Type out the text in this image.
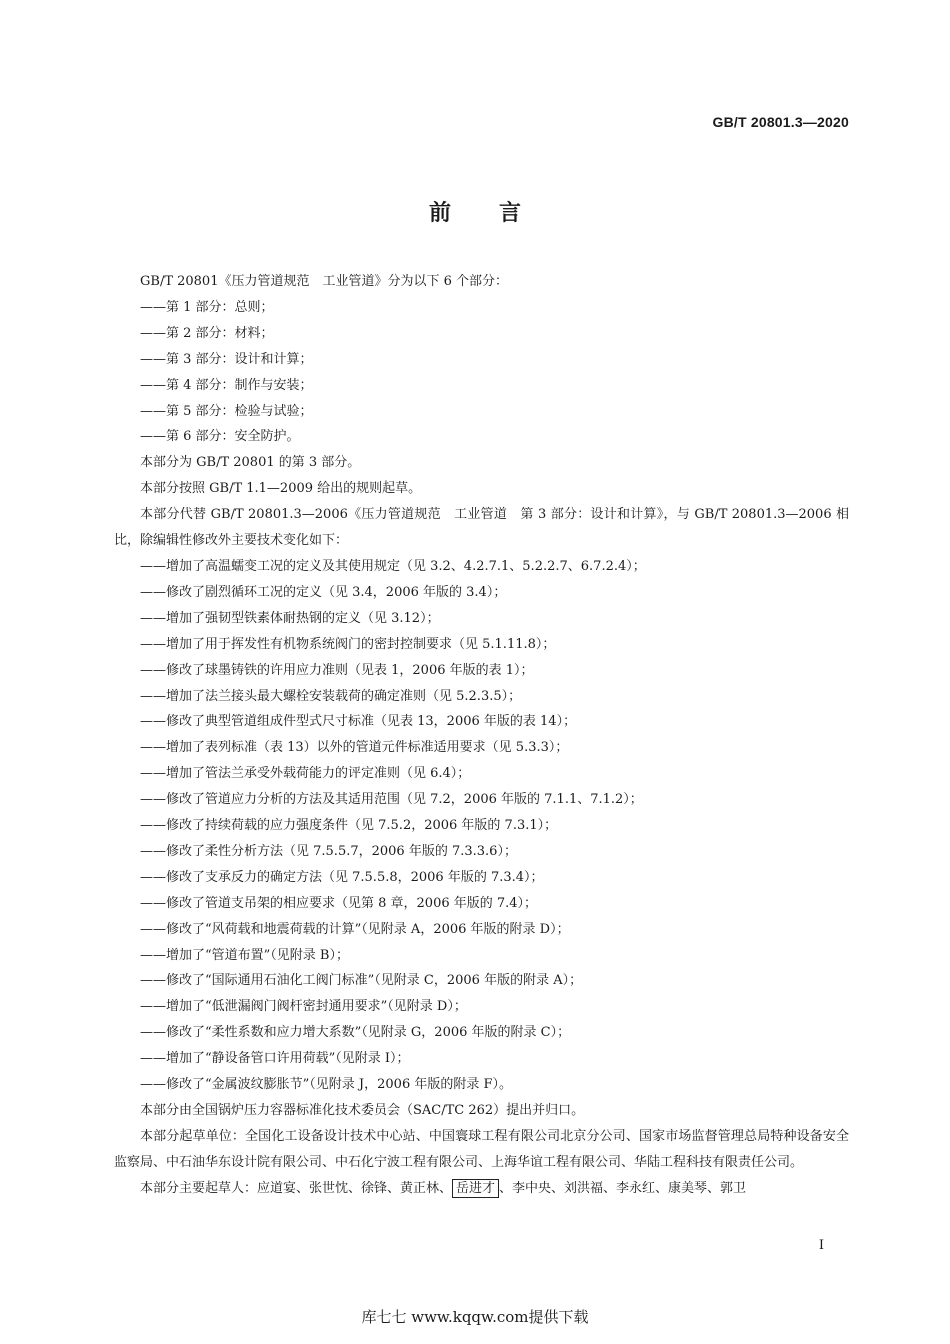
GB/T 20801.3—2020
前 言

GB/T 20801《压力管道规范　工业管道》分为以下 6 个部分：

——第 1 部分：总则；

——第 2 部分：材料；

——第 3 部分：设计和计算；

——第 4 部分：制作与安装；

——第 5 部分：检验与试验；

——第 6 部分：安全防护。

本部分为 GB/T 20801 的第 3 部分。

本部分按照 GB/T 1.1—2009 给出的规则起草。

本部分代替 GB/T 20801.3—2006《压力管道规范　工业管道　第 3 部分：设计和计算》，与 GB/T 20801.3—2006 相比，除编辑性修改外主要技术变化如下：

——增加了高温蠕变工况的定义及其使用规定（见 3.2、4.2.7.1、5.2.2.7、6.7.2.4）；

——修改了剧烈循环工况的定义（见 3.4，2006 年版的 3.4）；

——增加了强韧型铁素体耐热钢的定义（见 3.12）；

——增加了用于挥发性有机物系统阀门的密封控制要求（见 5.1.11.8）；

——修改了球墨铸铁的许用应力准则（见表 1，2006 年版的表 1）；

——增加了法兰接头最大螺栓安装载荷的确定准则（见 5.2.3.5）；

——修改了典型管道组成件型式尺寸标准（见表 13，2006 年版的表 14）；

——增加了表列标准（表 13）以外的管道元件标准适用要求（见 5.3.3）；

——增加了管法兰承受外载荷能力的评定准则（见 6.4）；

——修改了管道应力分析的方法及其适用范围（见 7.2，2006 年版的 7.1.1、7.1.2）；

——修改了持续荷载的应力强度条件（见 7.5.2，2006 年版的 7.3.1）；

——修改了柔性分析方法（见 7.5.5.7，2006 年版的 7.3.3.6）；

——修改了支承反力的确定方法（见 7.5.5.8，2006 年版的 7.3.4）；

——修改了管道支吊架的相应要求（见第 8 章，2006 年版的 7.4）；

——修改了“风荷载和地震荷载的计算”（见附录 A，2006 年版的附录 D）；

——增加了“管道布置”（见附录 B）；

——修改了“国际通用石油化工阀门标准”（见附录 C，2006 年版的附录 A）；

——增加了“低泄漏阀门阀杆密封通用要求”（见附录 D）；

——修改了“柔性系数和应力增大系数”（见附录 G，2006 年版的附录 C）；

——增加了“静设备管口许用荷载”（见附录 I）；

——修改了“金属波纹膨胀节”（见附录 J，2006 年版的附录 F）。

本部分由全国锅炉压力容器标准化技术委员会（SAC/TC 262）提出并归口。

本部分起草单位：全国化工设备设计技术中心站、中国寰球工程有限公司北京分公司、国家市场监督管理总局特种设备安全监察局、中石油华东设计院有限公司、中石化宁波工程有限公司、上海华谊工程有限公司、华陆工程科技有限责任公司。

本部分主要起草人：应道宴、张世忱、徐锋、黄正林、 岳进才 、李中央、刘洪福、李永红、康美琴、郭卫

I
库七七 www.kqqw.com提供下载
